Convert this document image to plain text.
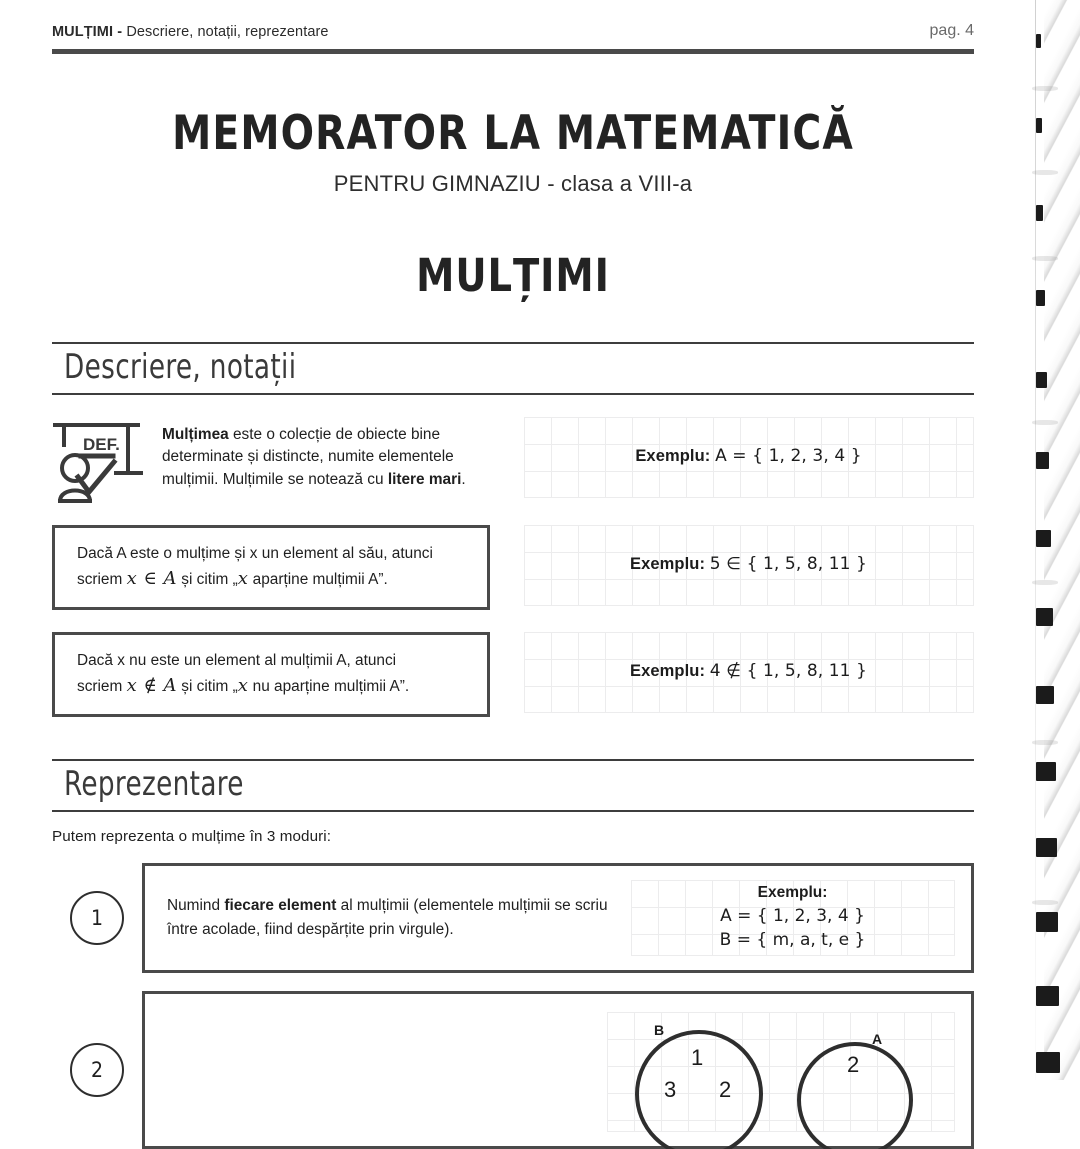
MULȚIMI - Descriere, notații, reprezentare	pag. 4
MEMORATOR LA MATEMATICĂ
PENTRU GIMNAZIU - clasa a VIII-a
MULȚIMI
Descriere, notații
DEF.
Mulțimea este o colecție de obiecte bine determinate și distincte, numite elementele mulțimii. Mulțimile se notează cu litere mari.
Exemplu: A = { 1, 2, 3, 4 }
Dacă A este o mulțime și x un element al său, atunci
scriem x ∈ A și citim „x aparține mulțimii A”.
Exemplu: 5 ∈ { 1, 5, 8, 11 }
Dacă x nu este un element al mulțimii A, atunci
scriem x ∉ A și citim „x nu aparține mulțimii A”.
Exemplu: 4 ∉ { 1, 5, 8, 11 }
Reprezentare
Putem reprezenta o mulțime în 3 moduri:
1	Numind fiecare element al mulțimii (elementele mulțimii se scriu între acolade, fiind despărțite prin virgule).
Exemplu:
A = { 1, 2, 3, 4 }
B = { m, a, t, e }
2
B
A
1	2
3 2
